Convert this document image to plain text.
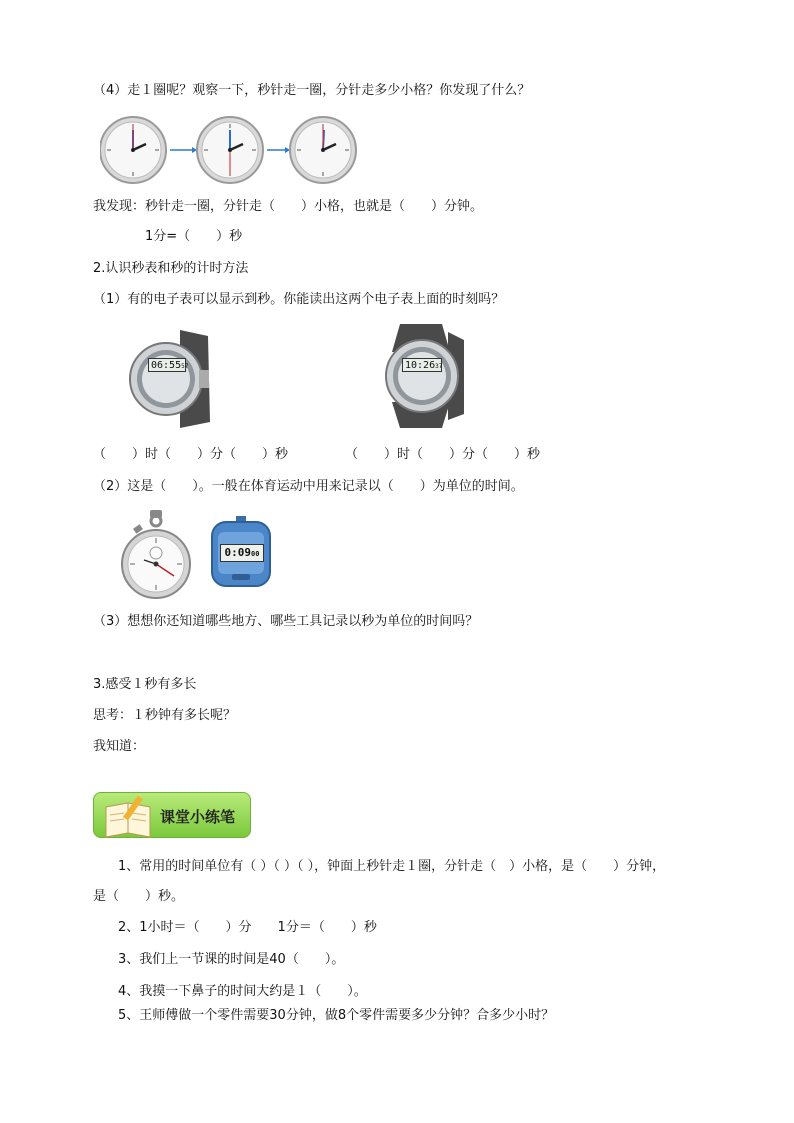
（4）走１圈呢？观察一下，秒针走一圈，分针走多少小格？你发现了什么？
我发现：秒针走一圈，分针走（　　）小格，也就是（　　）分钟。
1分=（　　）秒
2.认识秒表和秒的计时方法
（1）有的电子表可以显示到秒。你能读出这两个电子表上面的时刻吗？
06:5557	10:2637
（　　）时（　　）分（　　）秒	（　　）时（　　）分（　　）秒
（2）这是（　　）。一般在体育运动中用来记录以（　　）为单位的时间。
0:0900
（3）想想你还知道哪些地方、哪些工具记录以秒为单位的时间吗？
3.感受１秒有多长
思考：１秒钟有多长呢？
我知道：
课堂小练笔
1、常用的时间单位有（ ）（ ）（ ），钟面上秒针走１圈，分针走（　）小格，是（　　）分钟，
是（　　）秒。
2、1小时＝（　　）分　　1分＝（　　）秒
3、我们上一节课的时间是40（　　）。
4、我摸一下鼻子的时间大约是１（　　）。
5、王师傅做一个零件需要30分钟，做8个零件需要多少分钟？合多少小时？
